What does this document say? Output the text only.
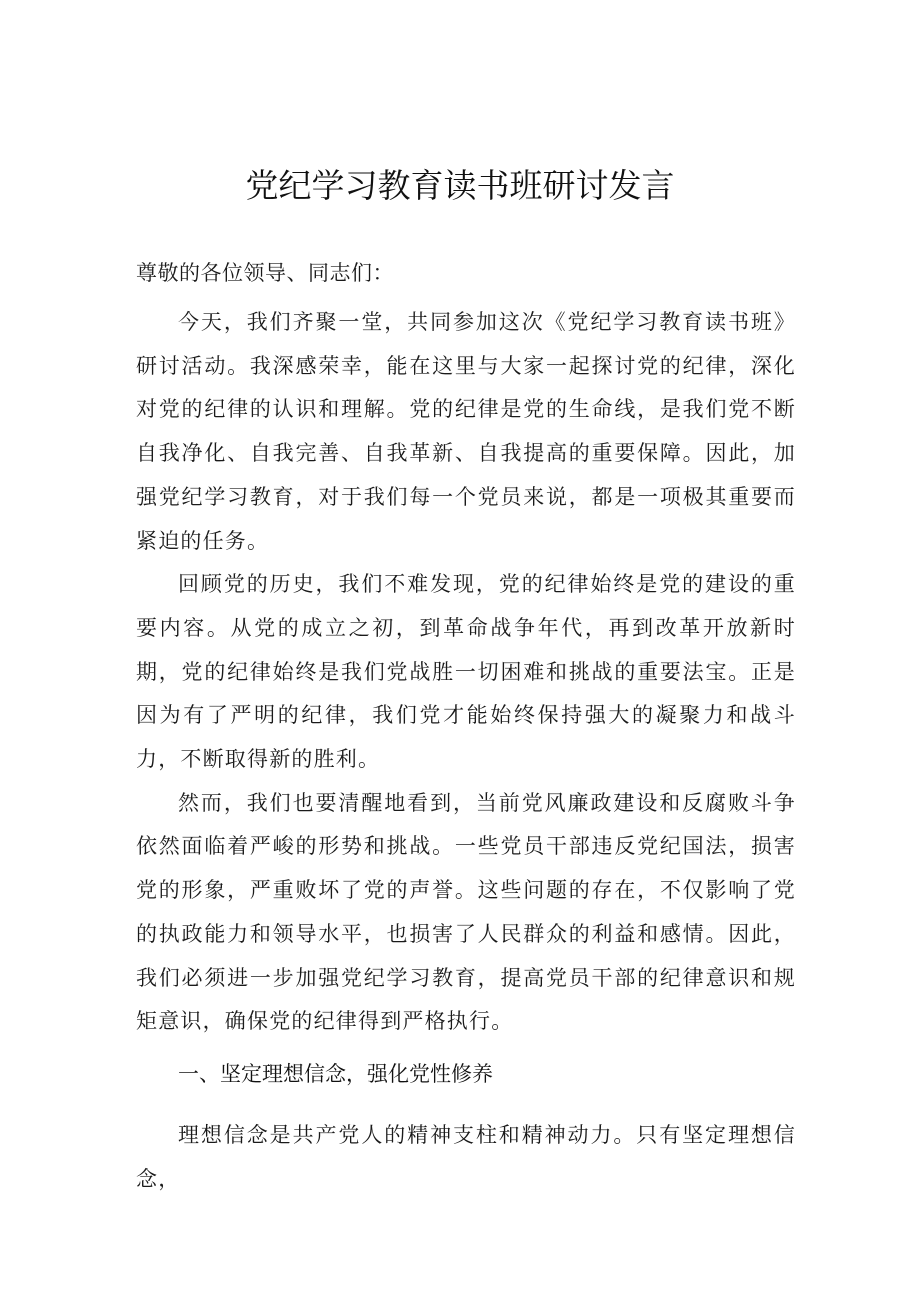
党纪学习教育读书班研讨发言

尊敬的各位领导、同志们：

今天，我们齐聚一堂，共同参加这次《党纪学习教育读书班》研讨活动。我深感荣幸，能在这里与大家一起探讨党的纪律，深化对党的纪律的认识和理解。党的纪律是党的生命线，是我们党不断自我净化、自我完善、自我革新、自我提高的重要保障。因此，加强党纪学习教育，对于我们每一个党员来说，都是一项极其重要而紧迫的任务。

回顾党的历史，我们不难发现，党的纪律始终是党的建设的重要内容。从党的成立之初，到革命战争年代，再到改革开放新时期，党的纪律始终是我们党战胜一切困难和挑战的重要法宝。正是因为有了严明的纪律，我们党才能始终保持强大的凝聚力和战斗力，不断取得新的胜利。

然而，我们也要清醒地看到，当前党风廉政建设和反腐败斗争依然面临着严峻的形势和挑战。一些党员干部违反党纪国法，损害党的形象，严重败坏了党的声誉。这些问题的存在，不仅影响了党的执政能力和领导水平，也损害了人民群众的利益和感情。因此，我们必须进一步加强党纪学习教育，提高党员干部的纪律意识和规矩意识，确保党的纪律得到严格执行。

一、坚定理想信念，强化党性修养

理想信念是共产党人的精神支柱和精神动力。只有坚定理想信念，
